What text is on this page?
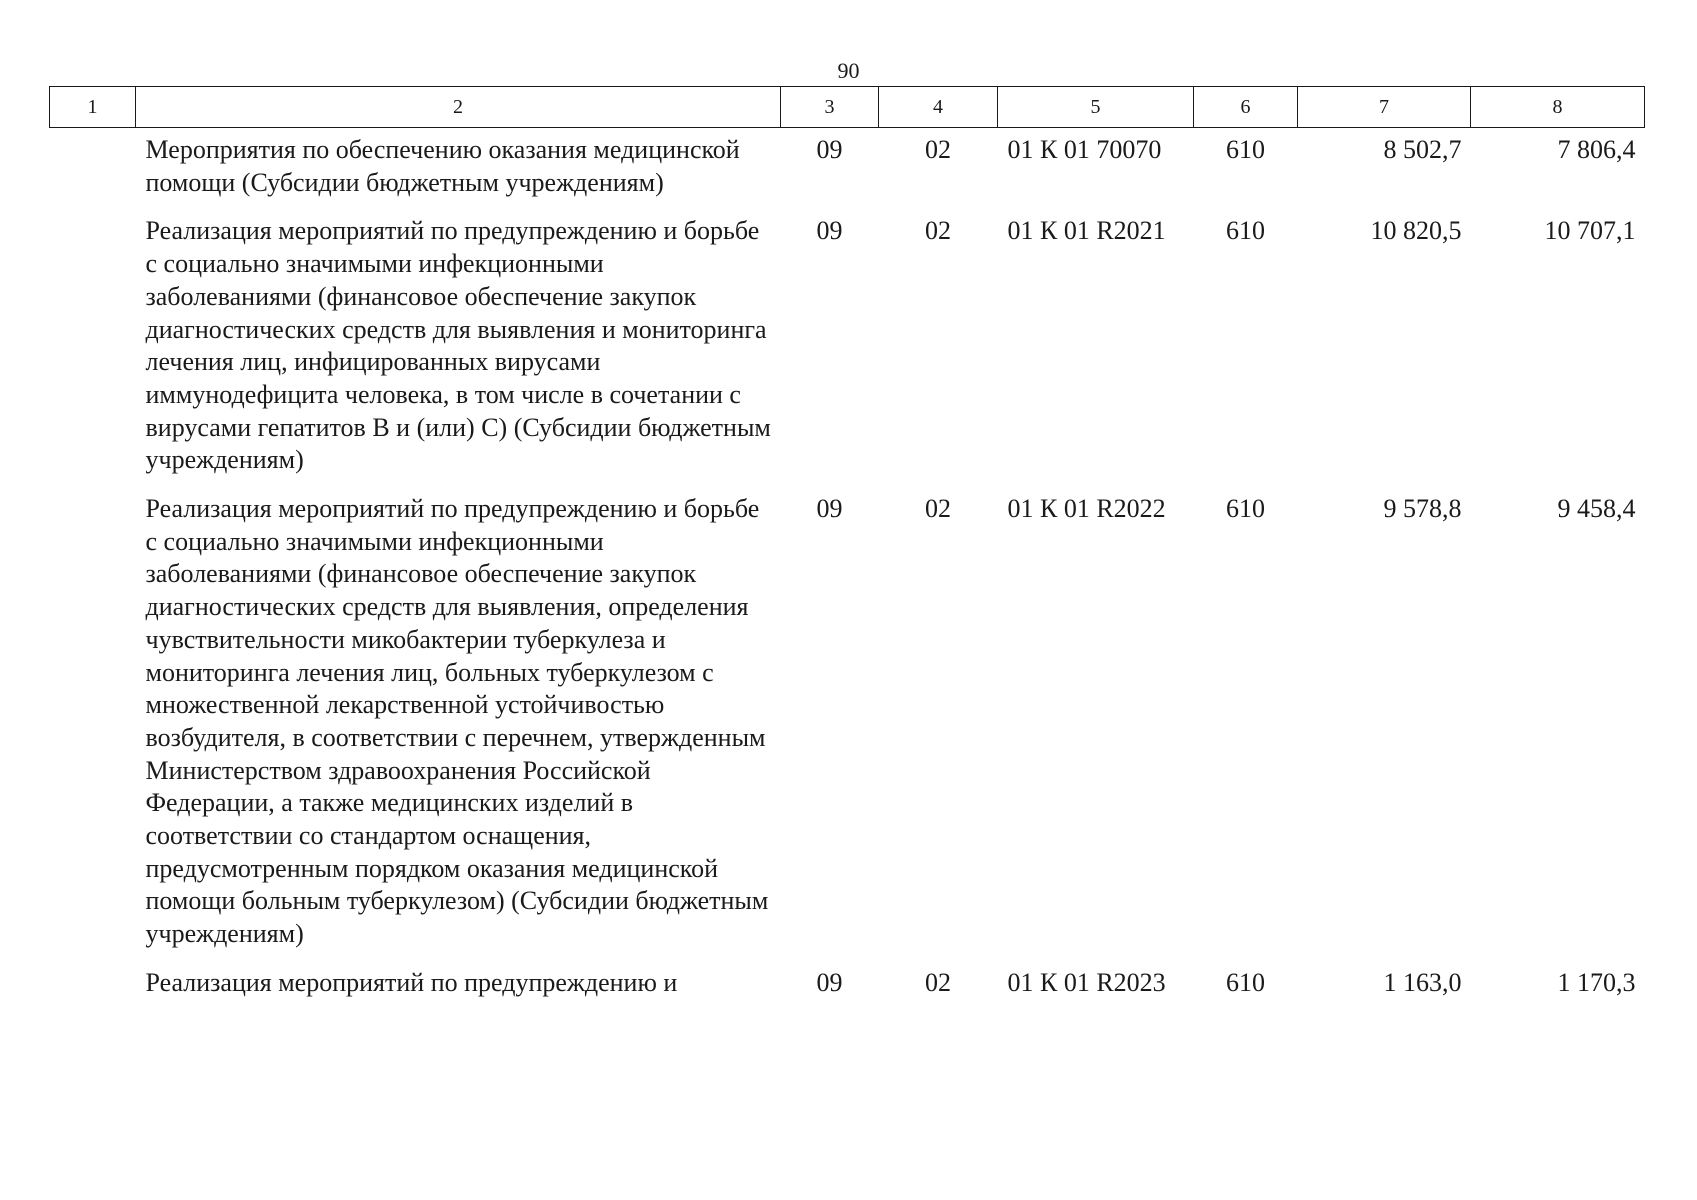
90
1	2	3	4	5	6	7	8
	Мероприятия по обеспечению оказания медицинской помощи (Субсидии бюджетным учреждениям)	09	02	01 К 01 70070	610	8 502,7	7 806,4
	Реализация мероприятий по предупреждению и борьбе с социально значимыми инфекционными заболеваниями (финансовое обеспечение закупок диагностических средств для выявления и мониторинга лечения лиц, инфицированных вирусами иммунодефицита человека, в том числе в сочетании с вирусами гепатитов В и (или) С) (Субсидии бюджетным учреждениям)	09	02	01 К 01 R2021	610	10 820,5	10 707,1
	Реализация мероприятий по предупреждению и борьбе с социально значимыми инфекционными заболеваниями (финансовое обеспечение закупок диагностических средств для выявления, определения чувствительности микобактерии туберкулеза и мониторинга лечения лиц, больных туберкулезом с множественной лекарственной устойчивостью возбудителя, в соответствии с перечнем, утвержденным Министерством здравоохранения Российской Федерации, а также медицинских изделий в соответствии со стандартом оснащения, предусмотренным порядком оказания медицинской помощи больным туберкулезом) (Субсидии бюджетным учреждениям)	09	02	01 К 01 R2022	610	9 578,8	9 458,4
	Реализация мероприятий по предупреждению и	09	02	01 К 01 R2023	610	1 163,0	1 170,3
